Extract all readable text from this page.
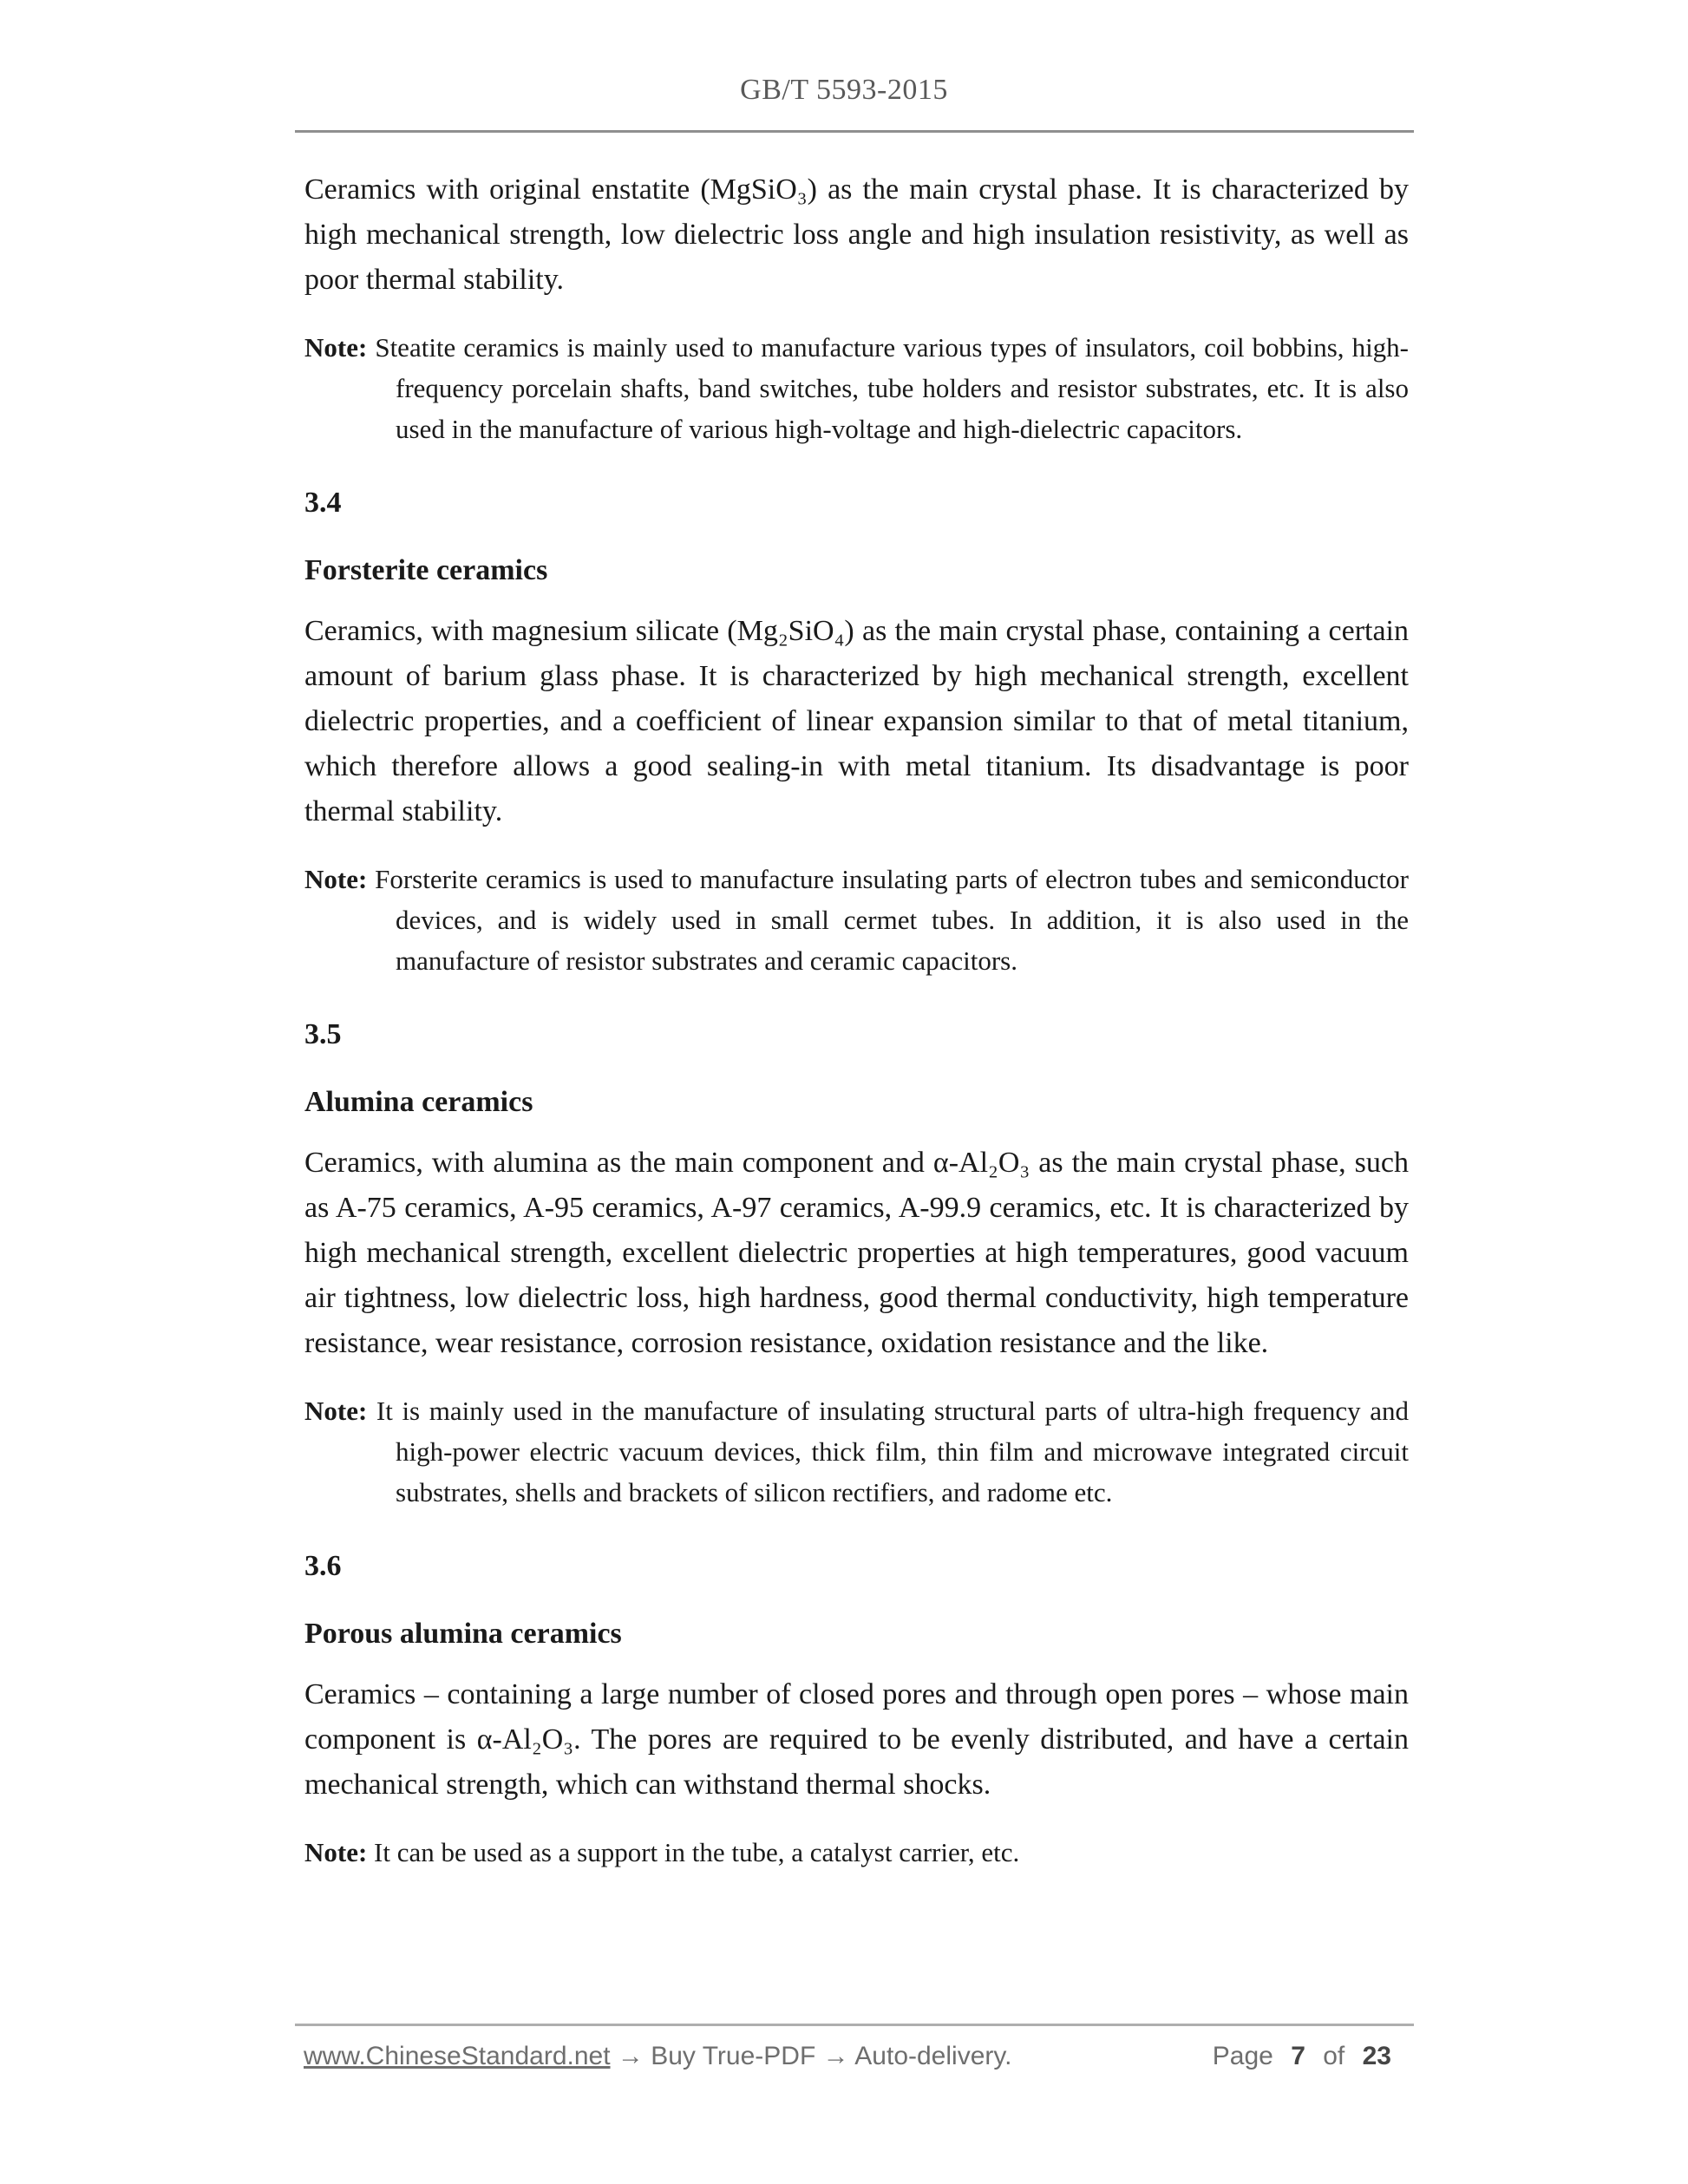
GB/T 5593-2015

Ceramics with original enstatite (MgSiO₃) as the main crystal phase. It is characterized by high mechanical strength, low dielectric loss angle and high insulation resistivity, as well as poor thermal stability.

Note: Steatite ceramics is mainly used to manufacture various types of insulators, coil bobbins, high-frequency porcelain shafts, band switches, tube holders and resistor substrates, etc. It is also used in the manufacture of various high-voltage and high-dielectric capacitors.

3.4
Forsterite ceramics

Ceramics, with magnesium silicate (Mg₂SiO₄) as the main crystal phase, containing a certain amount of barium glass phase. It is characterized by high mechanical strength, excellent dielectric properties, and a coefficient of linear expansion similar to that of metal titanium, which therefore allows a good sealing-in with metal titanium. Its disadvantage is poor thermal stability.

Note: Forsterite ceramics is used to manufacture insulating parts of electron tubes and semiconductor devices, and is widely used in small cermet tubes. In addition, it is also used in the manufacture of resistor substrates and ceramic capacitors.

3.5
Alumina ceramics

Ceramics, with alumina as the main component and α-Al₂O₃ as the main crystal phase, such as A-75 ceramics, A-95 ceramics, A-97 ceramics, A-99.9 ceramics, etc. It is characterized by high mechanical strength, excellent dielectric properties at high temperatures, good vacuum air tightness, low dielectric loss, high hardness, good thermal conductivity, high temperature resistance, wear resistance, corrosion resistance, oxidation resistance and the like.

Note: It is mainly used in the manufacture of insulating structural parts of ultra-high frequency and high-power electric vacuum devices, thick film, thin film and microwave integrated circuit substrates, shells and brackets of silicon rectifiers, and radome etc.

3.6
Porous alumina ceramics

Ceramics – containing a large number of closed pores and through open pores – whose main component is α-Al₂O₃. The pores are required to be evenly distributed, and have a certain mechanical strength, which can withstand thermal shocks.

Note: It can be used as a support in the tube, a catalyst carrier, etc.

www.ChineseStandard.net → Buy True-PDF → Auto-delivery.	Page 7 of 23
